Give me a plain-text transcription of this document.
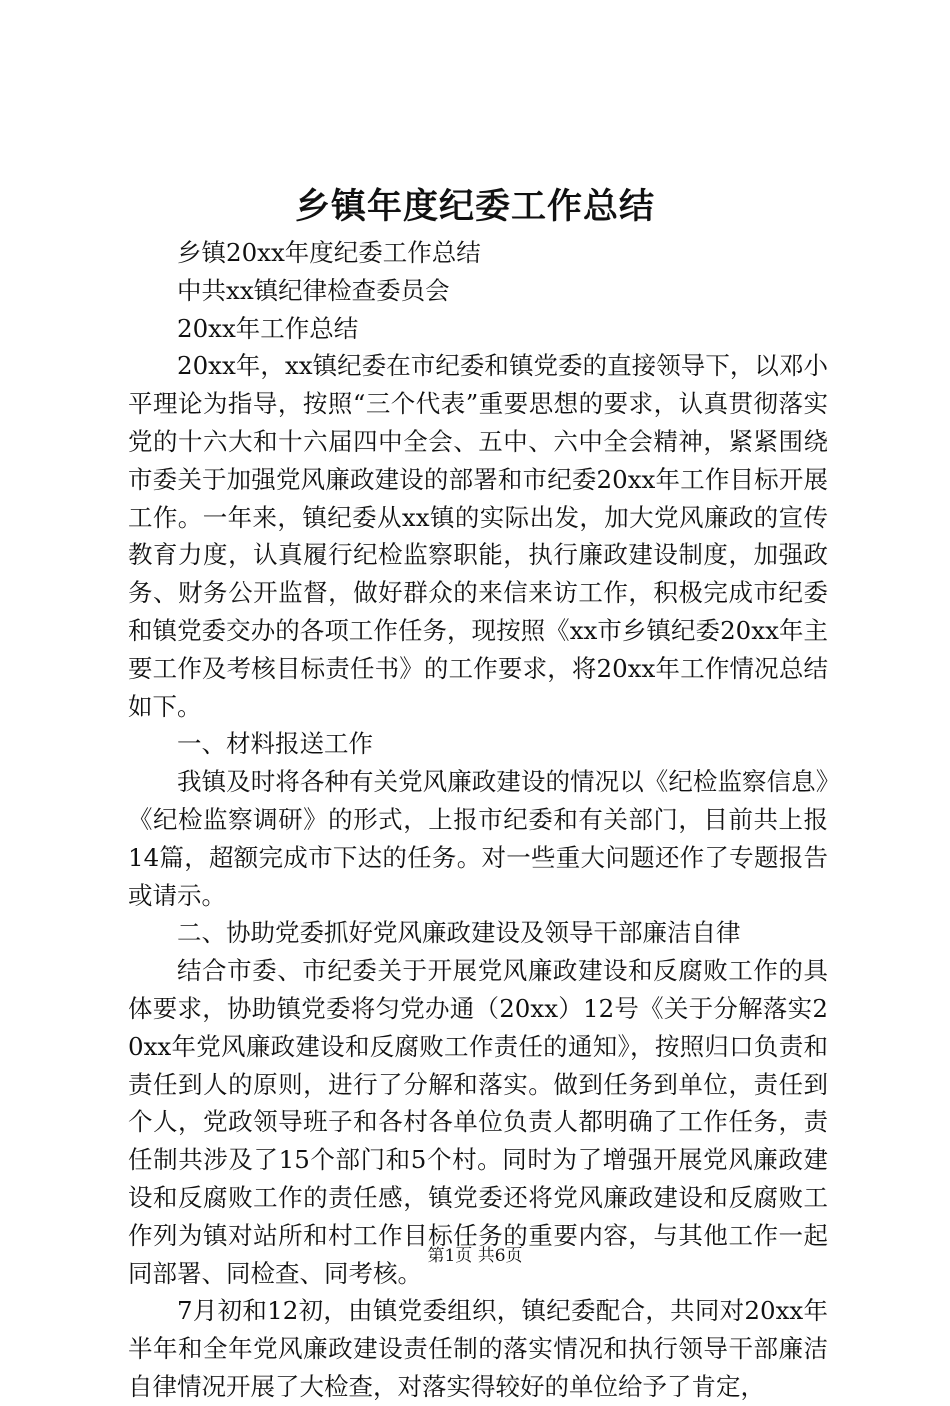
乡镇年度纪委工作总结

乡镇20xx年度纪委工作总结

中共xx镇纪律检查委员会

20xx年工作总结

20xx年，xx镇纪委在市纪委和镇党委的直接领导下，以邓小平理论为指导，按照“三个代表”重要思想的要求，认真贯彻落实党的十六大和十六届四中全会、五中、六中全会精神，紧紧围绕市委关于加强党风廉政建设的部署和市纪委20xx年工作目标开展工作。一年来，镇纪委从xx镇的实际出发，加大党风廉政的宣传教育力度，认真履行纪检监察职能，执行廉政建设制度，加强政务、财务公开监督，做好群众的来信来访工作，积极完成市纪委和镇党委交办的各项工作任务，现按照《xx市乡镇纪委20xx年主要工作及考核目标责任书》的工作要求，将20xx年工作情况总结如下。

一、材料报送工作

我镇及时将各种有关党风廉政建设的情况以《纪检监察信息》《纪检监察调研》的形式，上报市纪委和有关部门，目前共上报14篇，超额完成市下达的任务。对一些重大问题还作了专题报告或请示。

二、协助党委抓好党风廉政建设及领导干部廉洁自律

结合市委、市纪委关于开展党风廉政建设和反腐败工作的具体要求，协助镇党委将匀党办通（20xx）12号《关于分解落实20xx年党风廉政建设和反腐败工作责任的通知》，按照归口负责和责任到人的原则，进行了分解和落实。做到任务到单位，责任到个人，党政领导班子和各村各单位负责人都明确了工作任务，责任制共涉及了15个部门和5个村。同时为了增强开展党风廉政建设和反腐败工作的责任感，镇党委还将党风廉政建设和反腐败工作列为镇对站所和村工作目标任务的重要内容，与其他工作一起同部署、同检查、同考核。

7月初和12初，由镇党委组织，镇纪委配合，共同对20xx年半年和全年党风廉政建设责任制的落实情况和执行领导干部廉洁自律情况开展了大检查，对落实得较好的单位给予了肯定，

第1页 共6页
